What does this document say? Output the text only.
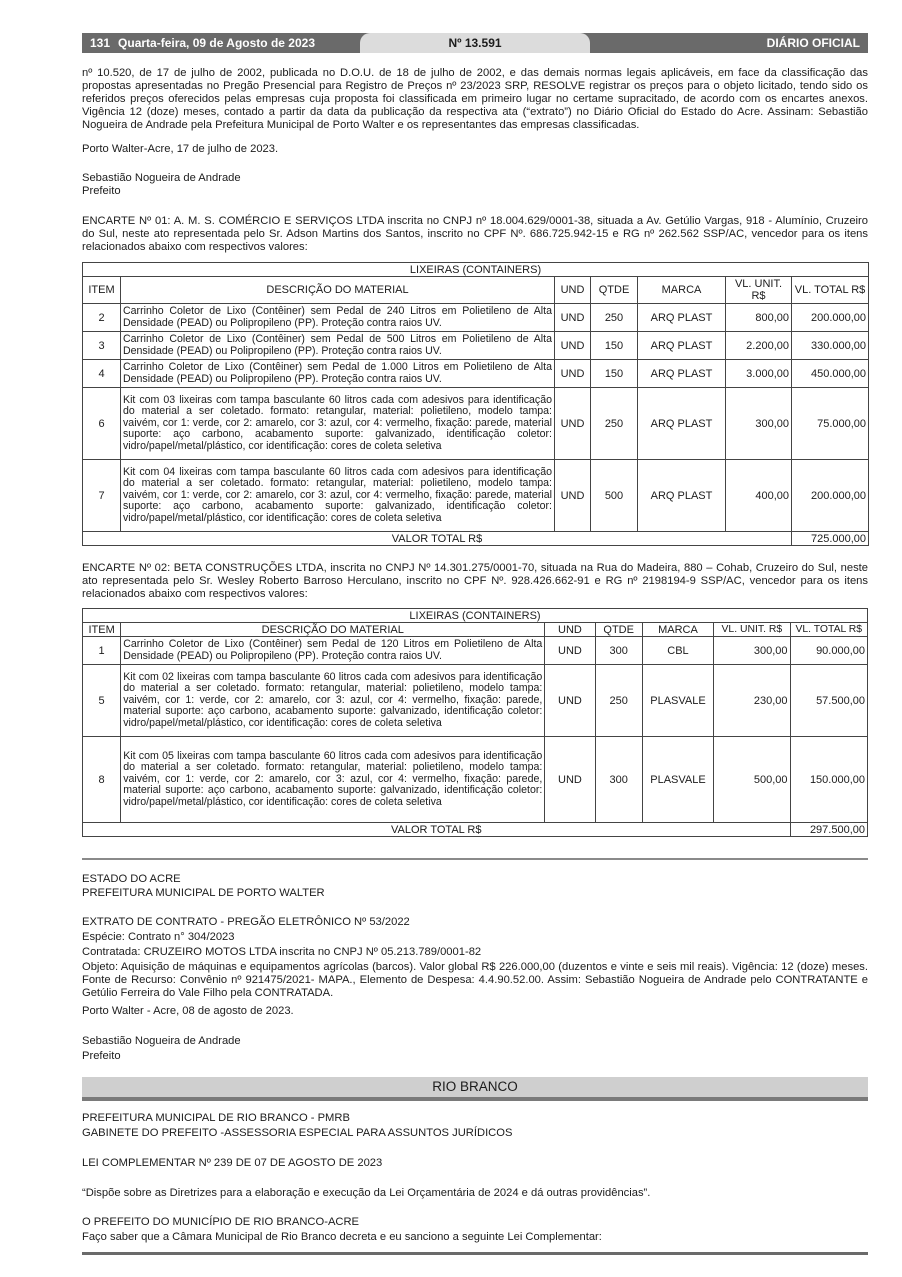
Nº 13.591
131 Quarta-feira, 09 de Agosto de 2023	DIÁRIO OFICIAL

nº 10.520, de 17 de julho de 2002, publicada no D.O.U. de 18 de julho de 2002, e das demais normas legais aplicáveis, em face da classificação das propostas apresentadas no Pregão Presencial para Registro de Preços nº 23/2023 SRP, RESOLVE registrar os preços para o objeto licitado, tendo sido os referidos preços oferecidos pelas empresas cuja proposta foi classificada em primeiro lugar no certame supracitado, de acordo com os encartes anexos. Vigência 12 (doze) meses, contado a partir da data da publicação da respectiva ata (“extrato”) no Diário Oficial do Estado do Acre. Assinam: Sebastião Nogueira de Andrade pela Prefeitura Municipal de Porto Walter e os representantes das empresas classificadas.

Porto Walter-Acre, 17 de julho de 2023.

Sebastião Nogueira de Andrade

Prefeito

ENCARTE Nº 01: A. M. S. COMÉRCIO E SERVIÇOS LTDA inscrita no CNPJ nº 18.004.629/0001-38, situada a Av. Getúlio Vargas, 918 - Alumínio, Cruzeiro do Sul, neste ato representada pelo Sr. Adson Martins dos Santos, inscrito no CPF Nº. 686.725.942-15 e RG nº 262.562 SSP/AC, vencedor para os itens relacionados abaixo com respectivos valores:

LIXEIRAS (CONTAINERS)						
ITEM	DESCRIÇÃO DO MATERIAL	UND	QTDE	MARCA	VL. UNIT. R$	VL. TOTAL R$
2	Carrinho Coletor de Lixo (Contêiner) sem Pedal de 240 Litros em Polietileno de Alta Densidade (PEAD) ou Polipropileno (PP). Proteção contra raios UV.	UND	250	ARQ PLAST	800,00	200.000,00
3	Carrinho Coletor de Lixo (Contêiner) sem Pedal de 500 Litros em Polietileno de Alta Densidade (PEAD) ou Polipropileno (PP). Proteção contra raios UV.	UND	150	ARQ PLAST	2.200,00	330.000,00
4	Carrinho Coletor de Lixo (Contêiner) sem Pedal de 1.000 Litros em Polietileno de Alta Densidade (PEAD) ou Polipropileno (PP). Proteção contra raios UV.	UND	150	ARQ PLAST	3.000,00	450.000,00
6	Kit com 03 lixeiras com tampa basculante 60 litros cada com adesivos para identificação do material a ser coletado. formato: retangular, material: polietileno, modelo tampa: vaivém, cor 1: verde, cor 2: amarelo, cor 3: azul, cor 4: vermelho, fixação: parede, material suporte: aço carbono, acabamento suporte: galvanizado, identificação coletor: vidro/papel/metal/plástico, cor identificação: cores de coleta seletiva	UND	250	ARQ PLAST	300,00	75.000,00
7	Kit com 04 lixeiras com tampa basculante 60 litros cada com adesivos para identificação do material a ser coletado. formato: retangular, material: polietileno, modelo tampa: vaivém, cor 1: verde, cor 2: amarelo, cor 3: azul, cor 4: vermelho, fixação: parede, material suporte: aço carbono, acabamento suporte: galvanizado, identificação coletor: vidro/papel/metal/plástico, cor identificação: cores de coleta seletiva	UND	500	ARQ PLAST	400,00	200.000,00
VALOR TOTAL R$						725.000,00

ENCARTE Nº 02: BETA CONSTRUÇÕES LTDA, inscrita no CNPJ Nº 14.301.275/0001-70, situada na Rua do Madeira, 880 – Cohab, Cruzeiro do Sul, neste ato representada pelo Sr. Wesley Roberto Barroso Herculano, inscrito no CPF Nº. 928.426.662-91 e RG nº 2198194-9 SSP/AC, vencedor para os itens relacionados abaixo com respectivos valores:

LIXEIRAS (CONTAINERS)						
ITEM	DESCRIÇÃO DO MATERIAL	UND	QTDE	MARCA	VL. UNIT. R$	VL. TOTAL R$
1	Carrinho Coletor de Lixo (Contêiner) sem Pedal de 120 Litros em Polietileno de Alta Densidade (PEAD) ou Polipropileno (PP). Proteção contra raios UV.	UND	300	CBL	300,00	90.000,00
5	Kit com 02 lixeiras com tampa basculante 60 litros cada com adesivos para identificação do material a ser coletado. formato: retangular, material: polietileno, modelo tampa: vaivém, cor 1: verde, cor 2: amarelo, cor 3: azul, cor 4: vermelho, fixação: parede, material suporte: aço carbono, acabamento suporte: galvanizado, identificação coletor: vidro/papel/metal/plástico, cor identificação: cores de coleta seletiva	UND	250	PLASVALE	230,00	57.500,00
8	Kit com 05 lixeiras com tampa basculante 60 litros cada com adesivos para identificação do material a ser coletado. formato: retangular, material: polietileno, modelo tampa: vaivém, cor 1: verde, cor 2: amarelo, cor 3: azul, cor 4: vermelho, fixação: parede, material suporte: aço carbono, acabamento suporte: galvanizado, identificação coletor: vidro/papel/metal/plástico, cor identificação: cores de coleta seletiva	UND	300	PLASVALE	500,00	150.000,00
VALOR TOTAL R$						297.500,00

ESTADO DO ACRE

PREFEITURA MUNICIPAL DE PORTO WALTER

EXTRATO DE CONTRATO - PREGÃO ELETRÔNICO Nº 53/2022

Espécie: Contrato n° 304/2023

Contratada: CRUZEIRO MOTOS LTDA inscrita no CNPJ Nº 05.213.789/0001-82

Objeto: Aquisição de máquinas e equipamentos agrícolas (barcos). Valor global R$ 226.000,00 (duzentos e vinte e seis mil reais). Vigência: 12 (doze) meses. Fonte de Recurso: Convênio nº 921475/2021- MAPA., Elemento de Despesa: 4.4.90.52.00. Assim: Sebastião Nogueira de Andrade pelo CONTRATANTE e Getúlio Ferreira do Vale Filho pela CONTRATADA.

Porto Walter - Acre, 08 de agosto de 2023.

Sebastião Nogueira de Andrade

Prefeito

RIO BRANCO

PREFEITURA MUNICIPAL DE RIO BRANCO - PMRB

GABINETE DO PREFEITO -ASSESSORIA ESPECIAL PARA ASSUNTOS JURÍDICOS

LEI COMPLEMENTAR Nº 239 DE 07 DE AGOSTO DE 2023

“Dispõe sobre as Diretrizes para a elaboração e execução da Lei Orçamentária de 2024 e dá outras providências”.

O PREFEITO DO MUNICÍPIO DE RIO BRANCO-ACRE

Faço saber que a Câmara Municipal de Rio Branco decreta e eu sanciono a seguinte Lei Complementar:
